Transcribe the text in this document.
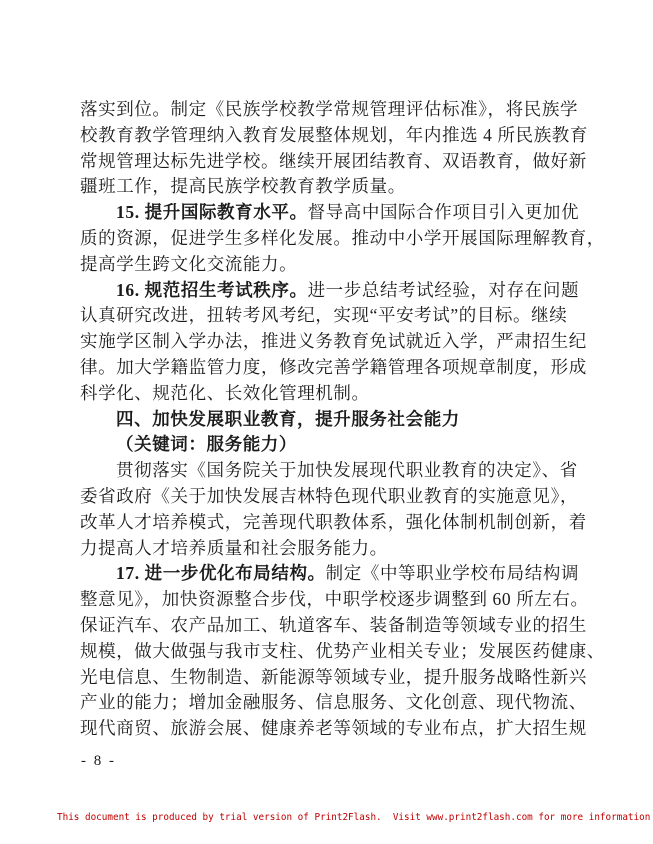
落实到位。制定《民族学校教学常规管理评估标准》，将民族学
校教育教学管理纳入教育发展整体规划，年内推选 4 所民族教育
常规管理达标先进学校。继续开展团结教育、双语教育，做好新
疆班工作，提高民族学校教育教学质量。
15. 提升国际教育水平。督导高中国际合作项目引入更加优
质的资源，促进学生多样化发展。推动中小学开展国际理解教育，
提高学生跨文化交流能力。
16. 规范招生考试秩序。进一步总结考试经验，对存在问题
认真研究改进，扭转考风考纪，实现“平安考试”的目标。继续
实施学区制入学办法，推进义务教育免试就近入学，严肃招生纪
律。加大学籍监管力度，修改完善学籍管理各项规章制度，形成
科学化、规范化、长效化管理机制。
四、加快发展职业教育，提升服务社会能力
（关键词：服务能力）
贯彻落实《国务院关于加快发展现代职业教育的决定》、省
委省政府《关于加快发展吉林特色现代职业教育的实施意见》，
改革人才培养模式，完善现代职教体系，强化体制机制创新，着
力提高人才培养质量和社会服务能力。
17. 进一步优化布局结构。制定《中等职业学校布局结构调
整意见》，加快资源整合步伐，中职学校逐步调整到 60 所左右。
保证汽车、农产品加工、轨道客车、装备制造等领域专业的招生
规模，做大做强与我市支柱、优势产业相关专业；发展医药健康、
光电信息、生物制造、新能源等领域专业，提升服务战略性新兴
产业的能力；增加金融服务、信息服务、文化创意、现代物流、
现代商贸、旅游会展、健康养老等领域的专业布点，扩大招生规
- 8 -
This document is produced by trial version of Print2Flash.  Visit www.print2flash.com for more information
